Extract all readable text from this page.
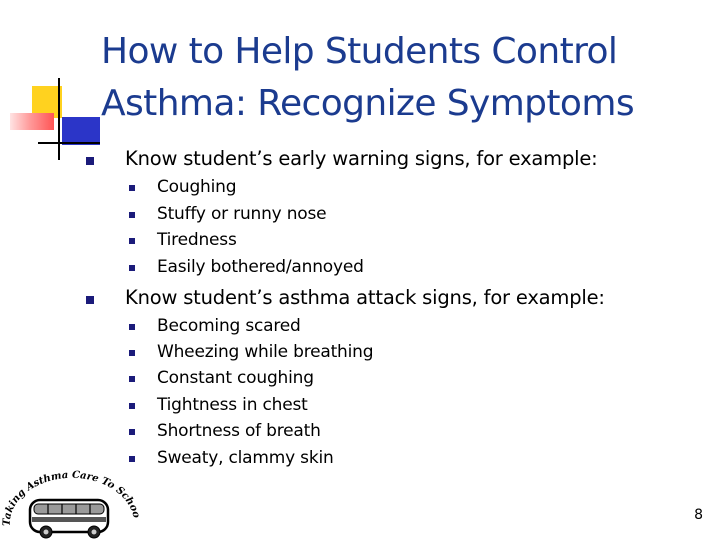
How to Help Students Control
Asthma: Recognize Symptoms
Know student’s early warning signs, for example:
Coughing
Stuffy or runny nose
Tiredness
Easily bothered/annoyed
Know student’s asthma attack signs, for example:
Becoming scared
Wheezing while breathing
Constant coughing
Tightness in chest
Shortness of breath
Sweaty, clammy skin
Taking Asthma Care To Schoo	8
